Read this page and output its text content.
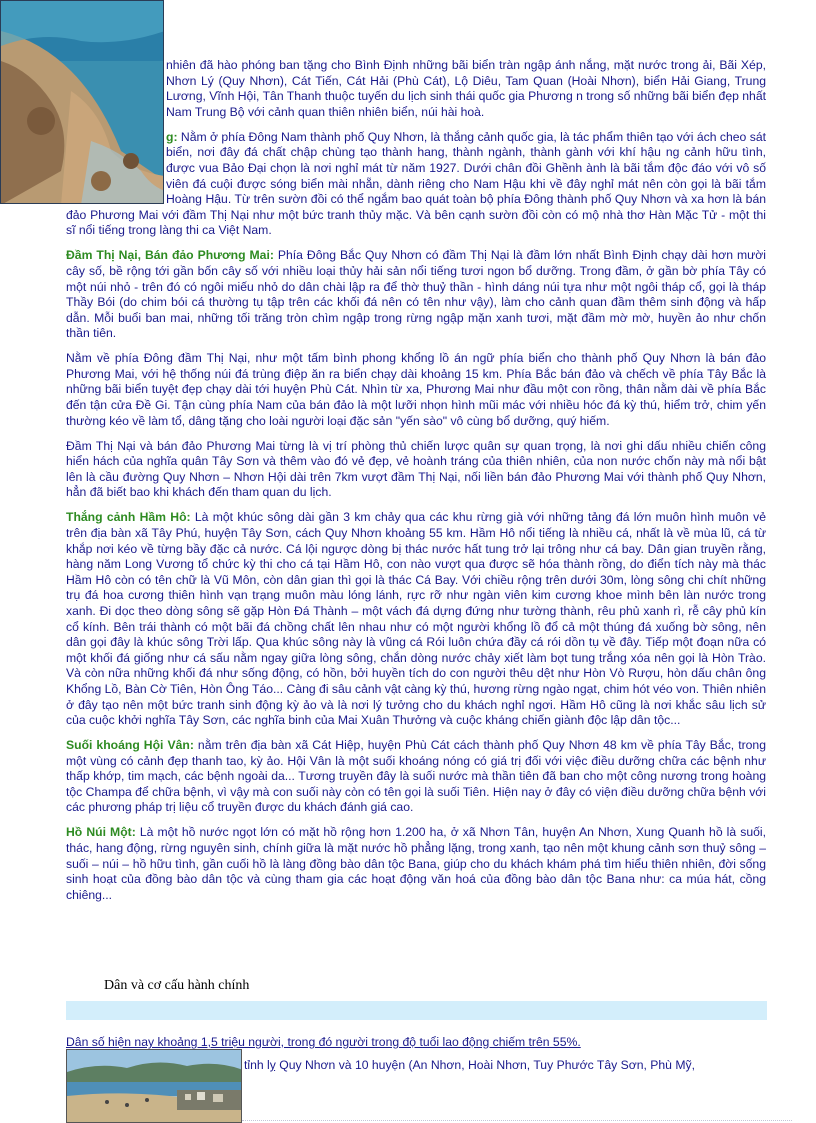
nhiên đã hào phóng ban tặng cho Bình Định những bãi biển tràn ngập ánh nắng, mặt nước trong ải, Bãi Xép, Nhơn Lý (Quy Nhơn), Cát Tiến, Cát Hải (Phù Cát), Lộ Diêu, Tam Quan (Hoài Nhơn), biển Hải Giang, Trung Lương, Vĩnh Hội, Tân Thanh thuộc tuyến du lịch sinh thái quốc gia Phương n trong số những bãi biển đẹp nhất Nam Trung Bộ với cảnh quan thiên nhiên biển, núi hài hoà.

g: Nằm ở phía Đông Nam thành phố Quy Nhơn, là thắng cảnh quốc gia, là tác phẩm thiên tạo với ách cheo sát biển, nơi đây đá chất chập chùng tạo thành hang, thành ngành, thành gành với khí hậu ng cảnh hữu tình, được vua Bảo Đại chọn là nơi nghỉ mát từ năm 1927. Dưới chân đồi Ghềnh ành là bãi tắm độc đáo với vô số viên đá cuội được sóng biển mài nhẵn, dành riêng cho Nam Hậu khi về đây nghỉ mát nên còn gọi là bãi tắm Hoàng Hậu. Từ trên sườn đồi có thể ngắm bao quát toàn bộ phía Đông thành phố Quy Nhơn và xa hơn là bán đảo Phương Mai với đầm Thị Nại như một bức tranh thủy mặc. Và bên cạnh sườn đồi còn có mộ nhà thơ Hàn Mặc Tử - một thi sĩ nổi tiếng trong làng thi ca Việt Nam.

Đầm Thị Nại, Bán đảo Phương Mai: Phía Đông Bắc Quy Nhơn có đầm Thị Nại là đầm lớn nhất Bình Định chạy dài hơn mười cây số, bề rộng tới gần bốn cây số với nhiều loại thủy hải sản nổi tiếng tươi ngon bổ dưỡng. Trong đầm, ở gần bờ phía Tây có một núi nhỏ - trên đó có ngôi miếu nhỏ do dân chài lập ra để thờ thuỷ thần - hình dáng núi tựa như một ngôi tháp cổ, gọi là tháp Thầy Bói (do chim bói cá thường tụ tập trên các khối đá nên có tên như vậy), làm cho cảnh quan đầm thêm sinh động và hấp dẫn. Mỗi buổi ban mai, những tối trăng tròn chìm ngập trong rừng ngập mặn xanh tươi, mặt đầm mờ mờ, huyền ảo như chốn thần tiên.

Nằm về phía Đông đầm Thị Nại, như một tấm bình phong khổng lồ án ngữ phía biển cho thành phố Quy Nhơn là bán đảo Phương Mai, với hệ thống núi đá trùng điệp ăn ra biển chạy dài khoảng 15 km. Phía Bắc bán đảo và chếch về phía Tây Bắc là những bãi biển tuyệt đẹp chạy dài tới huyện Phù Cát. Nhìn từ xa, Phương Mai như đầu một con rồng, thân nằm dài về phía Bắc đến tận cửa Đề Gi. Tận cùng phía Nam của bán đảo là một lưỡi nhọn hình mũi mác với nhiều hóc đá kỳ thú, hiểm trở, chim yến thường kéo về làm tổ, dâng tặng cho loài người loại đặc sản "yến sào" vô cùng bổ dưỡng, quý hiếm.

Đầm Thị Nại và bán đảo Phương Mai từng là vị trí phòng thủ chiến lược quân sự quan trọng, là nơi ghi dấu nhiều chiến công hiển hách của nghĩa quân Tây Sơn và thêm vào đó vẻ đẹp, vẻ hoành tráng của thiên nhiên, của non nước chốn này mà nổi bật lên là cầu đường Quy Nhơn – Nhơn Hội dài trên 7km vượt đầm Thị Nại, nối liền bán đảo Phương Mai với thành phố Quy Nhơn, hẳn đã biết bao khi khách đến tham quan du lịch.

Thắng cảnh Hầm Hô: Là một khúc sông dài gần 3 km chảy qua các khu rừng già với những tảng đá lớn muôn hình muôn vẻ trên địa bàn xã Tây Phú, huyện Tây Sơn, cách Quy Nhơn khoảng 55 km. Hầm Hô nổi tiếng là nhiều cá, nhất là về mùa lũ, cá từ khắp nơi kéo về từng bầy đặc cả nước. Cá lội ngược dòng bị thác nước hất tung trở lại trông như cá bay. Dân gian truyền rằng, hàng năm Long Vương tổ chức kỳ thi cho cá tại Hầm Hô, con nào vượt qua được sẽ hóa thành rồng, do điển tích này mà thác Hầm Hô còn có tên chữ là Vũ Môn, còn dân gian thì gọi là thác Cá Bay. Với chiều rộng trên dưới 30m, lòng sông chi chít những trụ đá hoa cương thiên hình vạn trạng muôn màu lóng lánh, rực rỡ như ngàn viên kim cương khoe mình bên làn nước trong xanh. Đi dọc theo dòng sông sẽ gặp Hòn Đá Thành – một vách đá dựng đứng như tường thành, rêu phủ xanh rì, rễ cây phủ kín cổ kính. Bên trái thành có một bãi đá chồng chất lên nhau như có một người khổng lồ đổ cả một thúng đá xuống bờ sông, nên dân gọi đây là khúc sông Trời lấp. Qua khúc sông này là vũng cá Rói luôn chứa đầy cá rói dồn tụ về đây. Tiếp một đoạn nữa có một khối đá giống như cá sấu nằm ngay giữa lòng sông, chắn dòng nước chảy xiết làm bọt tung trắng xóa nên gọi là Hòn Trào. Và còn nữa những khối đá như sống động, có hồn, bởi huyền tích do con người thêu dệt như Hòn Vò Rượu, hòn dấu chân ông Khổng Lồ, Bàn Cờ Tiên, Hòn Ông Táo... Càng đi sâu cảnh vật càng kỳ thú, hương rừng ngào ngạt, chim hót véo von. Thiên nhiên ở đây tạo nên một bức tranh sinh động kỳ ảo và là nơi lý tưởng cho du khách nghỉ ngơi. Hầm Hô cũng là nơi khắc sâu lịch sử của cuộc khởi nghĩa Tây Sơn, các nghĩa binh của Mai Xuân Thưởng và cuộc kháng chiến giành độc lập dân tộc...

Suối khoáng Hội Vân: nằm trên địa bàn xã Cát Hiệp, huyện Phù Cát cách thành phố Quy Nhơn 48 km về phía Tây Bắc, trong một vùng có cảnh đẹp thanh tao, kỳ ảo. Hội Vân là một suối khoáng nóng có giá trị đối với việc điều dưỡng chữa các bệnh như thấp khớp, tim mạch, các bệnh ngoài da... Tương truyền đây là suối nước mà thần tiên đã ban cho một công nương trong hoàng tộc Champa để chữa bệnh, vì vậy mà con suối này còn có tên gọi là suối Tiên. Hiện nay ở đây có viện điều dưỡng chữa bệnh với các phương pháp trị liệu cổ truyền được du khách đánh giá cao.

Hồ Núi Một: Là một hồ nước ngọt lớn có mặt hồ rộng hơn 1.200 ha, ở xã Nhơn Tân, huyện An Nhơn, Xung Quanh hồ là suối, thác, hang động, rừng nguyên sinh, chính giữa là mặt nước hồ phẳng lặng, trong xanh, tạo nên một khung cảnh sơn thuỷ sông – suối – núi – hồ hữu tình, gần cuối hồ là làng đồng bào dân tộc Bana, giúp cho du khách khám phá tìm hiểu thiên nhiên, đời sống sinh hoạt của đồng bào dân tộc và cùng tham gia các hoạt động văn hoá của đồng bào dân tộc Bana như: ca múa hát, cồng chiêng...

Dân và cơ cấu hành chính
Dân số hiện nay khoảng 1,5 triệu người, trong đó người trong độ tuổi lao động chiếm trên 55%.
tỉnh lỵ Quy Nhơn và 10 huyện (An Nhơn, Hoài Nhơn, Tuy Phước Tây Sơn, Phù Mỹ,
